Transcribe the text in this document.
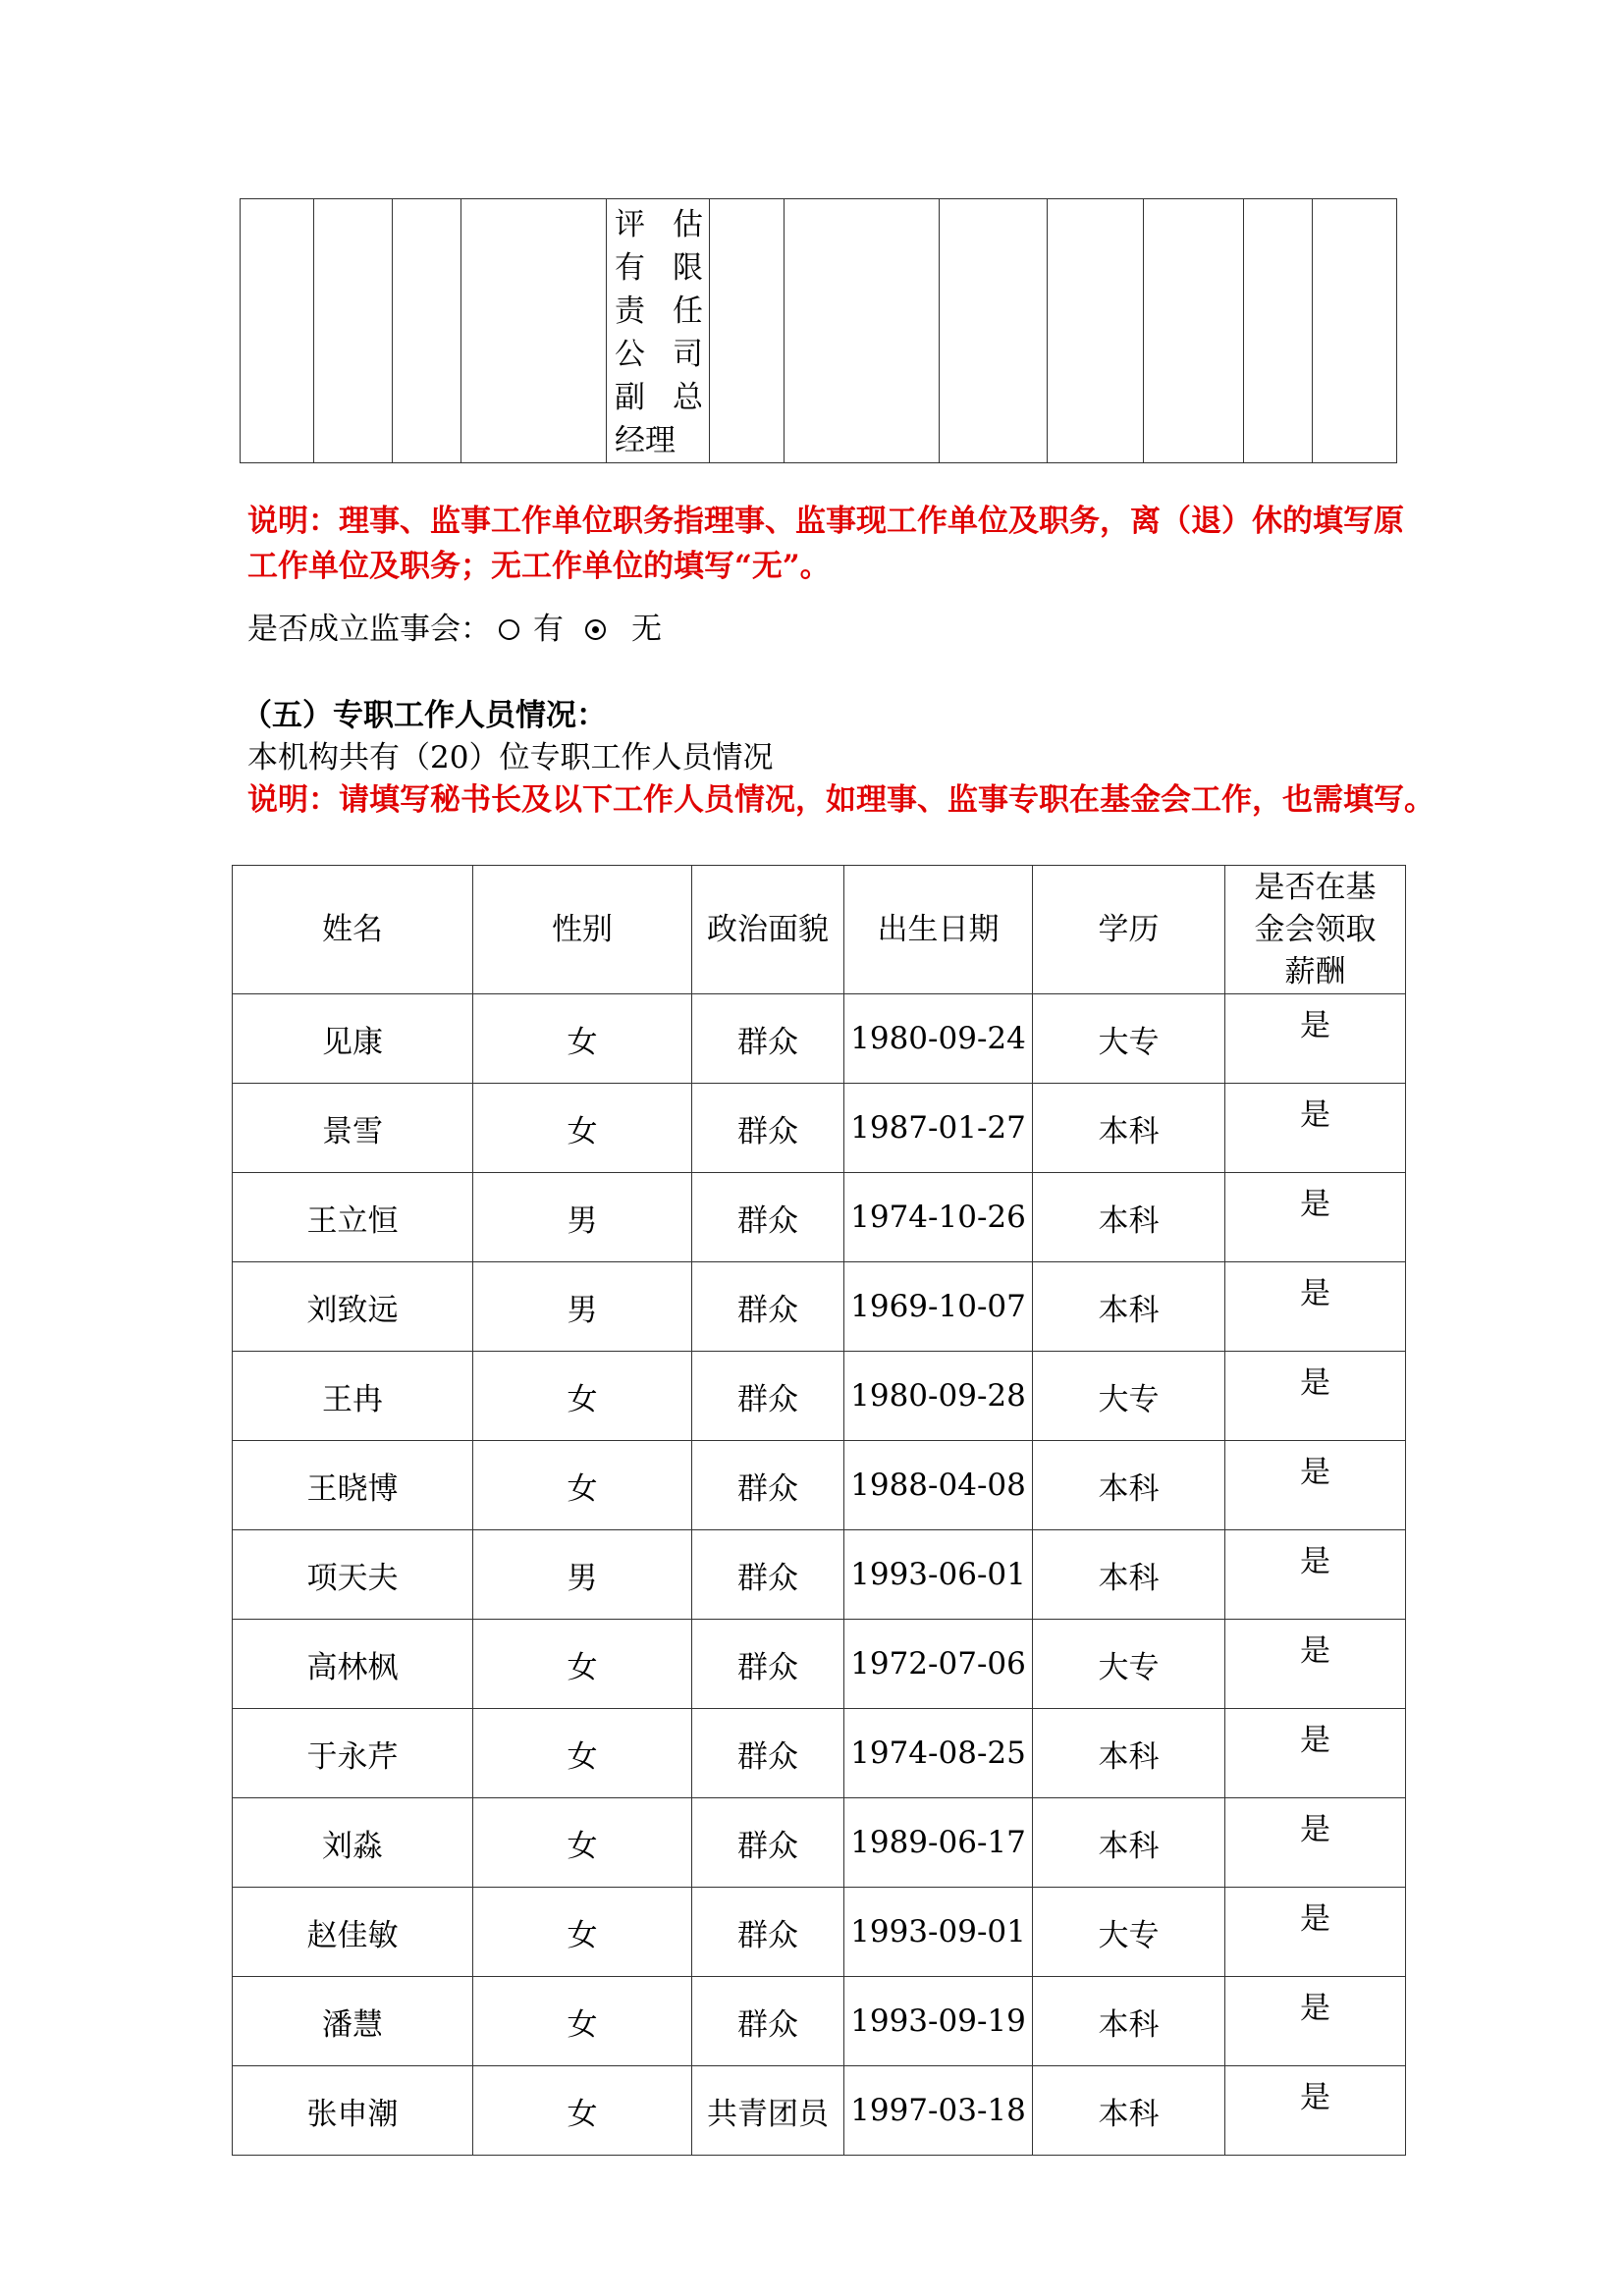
评 估
有 限
责 任
公 司
副 总
经理

说明：理事、监事工作单位职务指理事、监事现工作单位及职务，离（退）休的填写原
工作单位及职务；无工作单位的填写“无”。
是否成立监事会： 有 无
（五）专职工作人员情况：
本机构共有（20）位专职工作人员情况
说明：请填写秘书长及以下工作人员情况，如理事、监事专职在基金会工作，也需填写。
姓名	性别	政治面貌	出生日期	学历	是否在基
金会领取
薪酬

见康	女	群众	1980-09-24	大专	是
景雪	女	群众	1987-01-27	本科	是
王立恒	男	群众	1974-10-26	本科	是
刘致远	男	群众	1969-10-07	本科	是
王冉	女	群众	1980-09-28	大专	是
王晓博	女	群众	1988-04-08	本科	是
项天夫	男	群众	1993-06-01	本科	是
高林枫	女	群众	1972-07-06	大专	是
于永芹	女	群众	1974-08-25	本科	是
刘淼	女	群众	1989-06-17	本科	是
赵佳敏	女	群众	1993-09-01	大专	是
潘慧	女	群众	1993-09-19	本科	是
张申潮	女	共青团员	1997-03-18	本科	是
